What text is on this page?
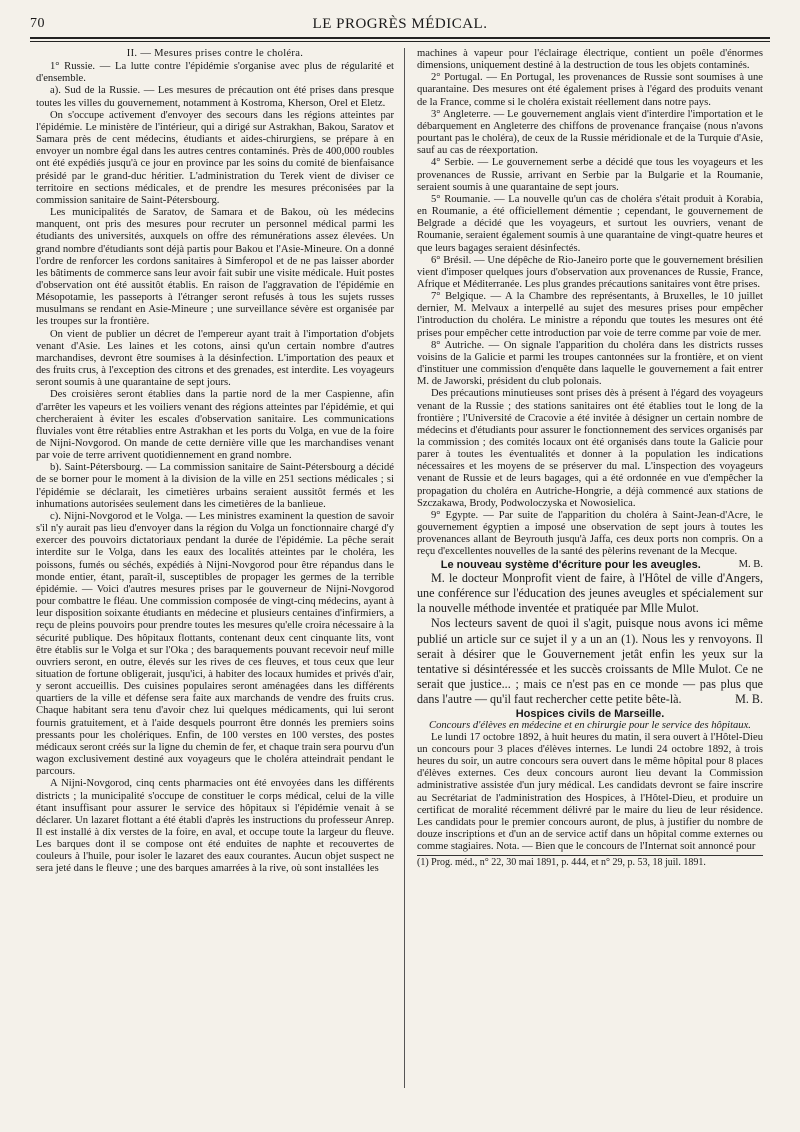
70	LE PROGRÈS MÉDICAL.

II. — Mesures prises contre le choléra.

1° Russie. — La lutte contre l'épidémie s'organise avec plus de régularité et d'ensemble.

a). Sud de la Russie. — Les mesures de précaution ont été prises dans presque toutes les villes du gouvernement, notamment à Kostroma, Kherson, Orel et Eletz.

On s'occupe activement d'envoyer des secours dans les régions atteintes par l'épidémie. Le ministère de l'intérieur, qui a dirigé sur Astrakhan, Bakou, Saratov et Samara près de cent médecins, étudiants et aides-chirurgiens, se prépare à en envoyer un nombre égal dans les autres centres contaminés. Près de 400,000 roubles ont été expédiés jusqu'à ce jour en province par les soins du comité de bienfaisance présidé par le grand-duc héritier. L'administration du Terek vient de diviser ce territoire en sections médicales, et de prendre les mesures préconisées par la commission sanitaire de Saint-Pétersbourg.

Les municipalités de Saratov, de Samara et de Bakou, où les médecins manquent, ont pris des mesures pour recruter un personnel médical parmi les étudiants des universités, auxquels on offre des rémunérations assez élevées. Un grand nombre d'étudiants sont déjà partis pour Bakou et l'Asie-Mineure. On a donné l'ordre de renforcer les cordons sanitaires à Simferopol et de ne pas laisser aborder les bâtiments de commerce sans leur avoir fait subir une visite médicale. Huit postes d'observation ont été aussitôt établis. En raison de l'aggravation de l'épidémie en Mésopotamie, les passeports à l'étranger seront refusés à tous les sujets russes musulmans se rendant en Asie-Mineure ; une surveillance sévère est organisée par les troupes sur la frontière.

On vient de publier un décret de l'empereur ayant trait à l'importation d'objets venant d'Asie. Les laines et les cotons, ainsi qu'un certain nombre d'autres marchandises, devront être soumises à la désinfection. L'importation des peaux et des fruits crus, à l'exception des citrons et des grenades, est interdite. Les voyageurs seront soumis à une quarantaine de sept jours.

Des croisières seront établies dans la partie nord de la mer Caspienne, afin d'arrêter les vapeurs et les voiliers venant des régions atteintes par l'épidémie, et qui chercheraient à éviter les escales d'observation sanitaire. Les communications fluviales vont être rétablies entre Astrakhan et les ports du Volga, en vue de la foire de Nijni-Novgorod. On mande de cette dernière ville que les marchandises venant par voie de terre arrivent quotidiennement en grand nombre.

b). Saint-Pétersbourg. — La commission sanitaire de Saint-Pétersbourg a décidé de se borner pour le moment à la division de la ville en 251 sections médicales ; si l'épidémie se déclarait, les cimetières urbains seraient aussitôt fermés et les inhumations autorisées seulement dans les cimetières de la banlieue.

c). Nijni-Novgorod et le Volga. — Les ministres examinent la question de savoir s'il n'y aurait pas lieu d'envoyer dans la région du Volga un fonctionnaire chargé d'y exercer des pouvoirs dictatoriaux pendant la durée de l'épidémie. La pêche serait interdite sur le Volga, dans les eaux des localités atteintes par le choléra, les poissons, fumés ou séchés, expédiés à Nijni-Novgorod pour être répandus dans le monde entier, étant, paraît-il, susceptibles de propager les germes de la terrible épidémie. — Voici d'autres mesures prises par le gouverneur de Nijni-Novgorod pour combattre le fléau. Une commission composée de vingt-cinq médecins, ayant à leur disposition soixante étudiants en médecine et plusieurs centaines d'infirmiers, a reçu de pleins pouvoirs pour prendre toutes les mesures qu'elle croira nécessaire à la sécurité publique. Des hôpitaux flottants, contenant deux cent cinquante lits, vont être établis sur le Volga et sur l'Oka ; des baraquements pouvant recevoir neuf mille ouvriers seront, en outre, élevés sur les rives de ces fleuves, et tous ceux que leur situation de fortune obligerait, jusqu'ici, à habiter des locaux humides et privés d'air, y seront accueillis. Des cuisines populaires seront aménagées dans les différents quartiers de la ville et défense sera faite aux marchands de vendre des fruits crus. Chaque habitant sera tenu d'avoir chez lui quelques médicaments, qui lui seront fournis gratuitement, et à l'aide desquels pourront être donnés les premiers soins pressants pour les cholériques. Enfin, de 100 verstes en 100 verstes, des postes médicaux seront créés sur la ligne du chemin de fer, et chaque train sera pourvu d'un wagon exclusivement destiné aux voyageurs que le choléra atteindrait pendant le parcours.

A Nijni-Novgorod, cinq cents pharmacies ont été envoyées dans les différents districts ; la municipalité s'occupe de constituer le corps médical, celui de la ville étant insuffisant pour assurer le service des hôpitaux si l'épidémie venait à se déclarer. Un lazaret flottant a été établi d'après les instructions du professeur Anrep. Il est installé à dix verstes de la foire, en aval, et occupe toute la largeur du fleuve. Les barques dont il se compose ont été enduites de naphte et recouvertes de couleurs à l'huile, pour isoler le lazaret des eaux courantes. Aucun objet suspect ne sera jeté dans le fleuve ; une des barques amarrées à la rive, où sont installées les

machines à vapeur pour l'éclairage électrique, contient un poêle d'énormes dimensions, uniquement destiné à la destruction de tous les objets contaminés.

2° Portugal. — En Portugal, les provenances de Russie sont soumises à une quarantaine. Des mesures ont été également prises à l'égard des produits venant de la France, comme si le choléra existait réellement dans notre pays.

3° Angleterre. — Le gouvernement anglais vient d'interdire l'importation et le débarquement en Angleterre des chiffons de provenance française (nous n'avons pourtant pas le choléra), de ceux de la Russie méridionale et de la Turquie d'Asie, sauf au cas de réexportation.

4° Serbie. — Le gouvernement serbe a décidé que tous les voyageurs et les provenances de Russie, arrivant en Serbie par la Bulgarie et la Roumanie, seraient soumis à une quarantaine de sept jours.

5° Roumanie. — La nouvelle qu'un cas de choléra s'était produit à Korabia, en Roumanie, a été officiellement démentie ; cependant, le gouvernement de Belgrade a décidé que les voyageurs, et surtout les ouvriers, venant de Roumanie, seraient également soumis à une quarantaine de vingt-quatre heures et que leurs bagages seraient désinfectés.

6° Brésil. — Une dépêche de Rio-Janeiro porte que le gouvernement brésilien vient d'imposer quelques jours d'observation aux provenances de Russie, France, Afrique et Méditerranée. Les plus grandes précautions sanitaires vont être prises.

7° Belgique. — A la Chambre des représentants, à Bruxelles, le 10 juillet dernier, M. Melvaux a interpellé au sujet des mesures prises pour empêcher l'introduction du choléra. Le ministre a répondu que toutes les mesures ont été prises pour empêcher cette introduction par voie de terre comme par voie de mer.

8° Autriche. — On signale l'apparition du choléra dans les districts russes voisins de la Galicie et parmi les troupes cantonnées sur la frontière, et on vient d'instituer une commission d'enquête dans laquelle le gouvernement a fait entrer M. de Jaworski, président du club polonais.

Des précautions minutieuses sont prises dès à présent à l'égard des voyageurs venant de la Russie ; des stations sanitaires ont été établies tout le long de la frontière ; l'Université de Cracovie a été invitée à désigner un certain nombre de médecins et d'étudiants pour assurer le fonctionnement des services organisés par la commission ; des comités locaux ont été organisés dans toute la Galicie pour parer à toutes les éventualités et donner à la population les indications nécessaires et les moyens de se préserver du mal. L'inspection des voyageurs venant de Russie et de leurs bagages, qui a été ordonnée en vue d'empêcher la propagation du choléra en Autriche-Hongrie, a déjà commencé aux stations de Szczakawa, Brody, Podwoloczyska et Nowosielica.

9° Egypte. — Par suite de l'apparition du choléra à Saint-Jean-d'Acre, le gouvernement égyptien a imposé une observation de sept jours à toutes les provenances allant de Beyrouth jusqu'à Jaffa, ces deux ports non compris. On a reçu d'excellentes nouvelles de la santé des pèlerins revenant de la Mecque.
M. B.

Le nouveau système d'écriture pour les aveugles.

M. le docteur Monprofit vient de faire, à l'Hôtel de ville d'Angers, une conférence sur l'éducation des jeunes aveugles et spécialement sur la nouvelle méthode inventée et pratiquée par Mlle Mulot.

Nos lecteurs savent de quoi il s'agit, puisque nous avons ici même publié un article sur ce sujet il y a un an (1). Nous les y renvoyons. Il serait à désirer que le Gouvernement jetât enfin les yeux sur la tentative si désintéressée et les succès croissants de Mlle Mulot. Ce ne serait que justice... ; mais ce n'est pas en ce monde — pas plus que dans l'autre — qu'il faut rechercher cette petite bête-là.	M. B.

Hospices civils de Marseille.

Concours d'élèves en médecine et en chirurgie pour le service des hôpitaux.

Le lundi 17 octobre 1892, à huit heures du matin, il sera ouvert à l'Hôtel-Dieu un concours pour 3 places d'élèves internes. Le lundi 24 octobre 1892, à trois heures du soir, un autre concours sera ouvert dans le même hôpital pour 8 places d'élèves externes. Ces deux concours auront lieu devant la Commission administrative assistée d'un jury médical. Les candidats devront se faire inscrire au Secrétariat de l'administration des Hospices, à l'Hôtel-Dieu, et produire un certificat de moralité récemment délivré par le maire du lieu de leur résidence. Les candidats pour le premier concours auront, de plus, à justifier du nombre de douze inscriptions et d'un an de service actif dans un hôpital comme externes ou comme stagiaires. Nota. — Bien que le concours de l'Internat soit annoncé pour

(1) Prog. méd., n° 22, 30 mai 1891, p. 444, et n° 29, p. 53, 18 juil. 1891.
